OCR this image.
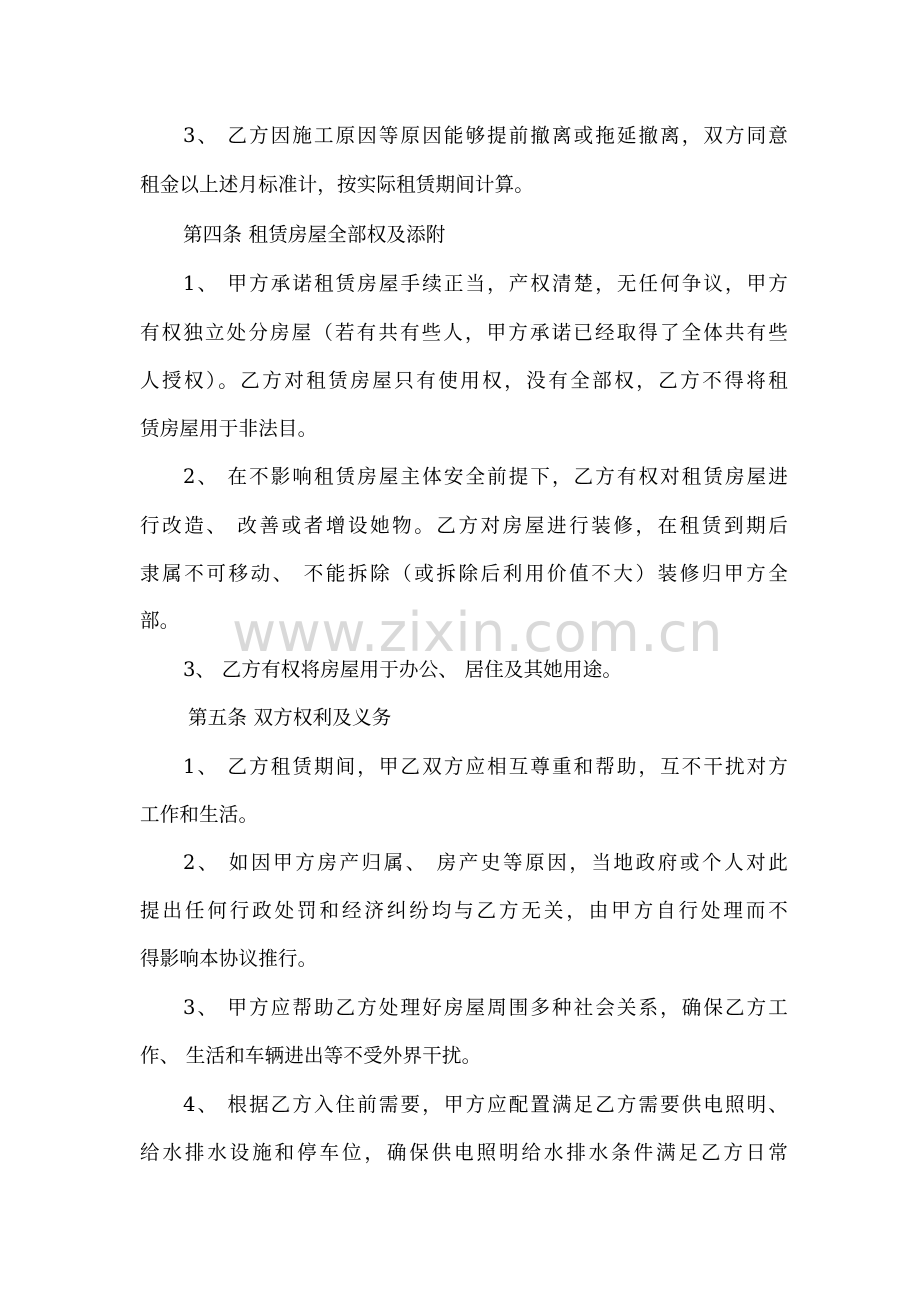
www.zixin.com.cn
3、 乙方因施工原因等原因能够提前撤离或拖延撤离，双方同意
租金以上述月标准计，按实际租赁期间计算。
第四条 租赁房屋全部权及添附
1、 甲方承诺租赁房屋手续正当，产权清楚，无任何争议，甲方
有权独立处分房屋（若有共有些人，甲方承诺已经取得了全体共有些
人授权）。乙方对租赁房屋只有使用权，没有全部权，乙方不得将租
赁房屋用于非法目。
2、 在不影响租赁房屋主体安全前提下，乙方有权对租赁房屋进
行改造、 改善或者增设她物。乙方对房屋进行装修，在租赁到期后
隶属不可移动、 不能拆除（或拆除后利用价值不大）装修归甲方全
部。
3、 乙方有权将房屋用于办公、 居住及其她用途。
第五条 双方权利及义务
1、 乙方租赁期间，甲乙双方应相互尊重和帮助，互不干扰对方
工作和生活。
2、 如因甲方房产归属、 房产史等原因，当地政府或个人对此
提出任何行政处罚和经济纠纷均与乙方无关，由甲方自行处理而不
得影响本协议推行。
3、 甲方应帮助乙方处理好房屋周围多种社会关系，确保乙方工
作、 生活和车辆进出等不受外界干扰。
4、 根据乙方入住前需要，甲方应配置满足乙方需要供电照明、
给水排水设施和停车位，确保供电照明给水排水条件满足乙方日常
